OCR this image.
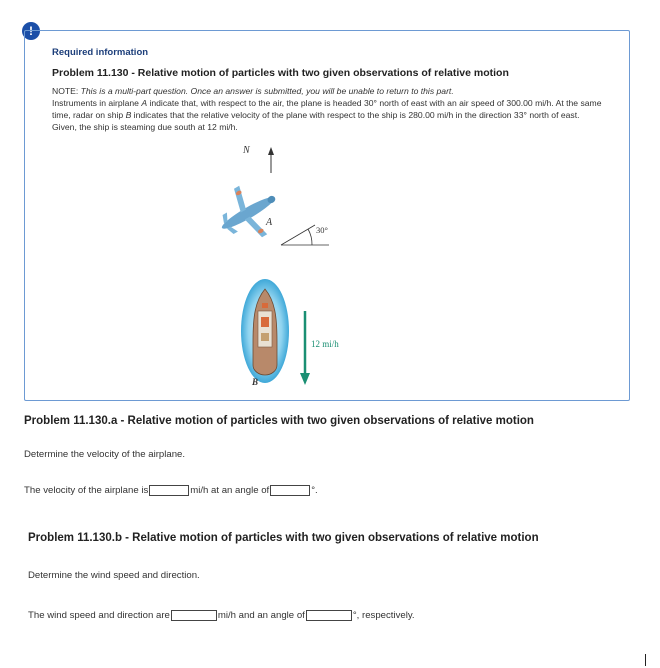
!
Required information
Problem 11.130 - Relative motion of particles with two given observations of relative motion
NOTE: This is a multi-part question. Once an answer is submitted, you will be unable to return to this part.
Instruments in airplane A indicate that, with respect to the air, the plane is headed 30° north of east with an air speed of 300.00 mi/h. At the same time, radar on ship B indicates that the relative velocity of the plane with respect to the ship is 280.00 mi/h in the direction 33° north of east. Given, the ship is steaming due south at 12 mi/h.
N
A
30°
B
12 mi/h
Problem 11.130.a - Relative motion of particles with two given observations of relative motion
Determine the velocity of the airplane.
The velocity of the airplane is	mi/h at an angle of	°.
Problem 11.130.b - Relative motion of particles with two given observations of relative motion
Determine the wind speed and direction.
The wind speed and direction are	mi/h and an angle of	°, respectively.
